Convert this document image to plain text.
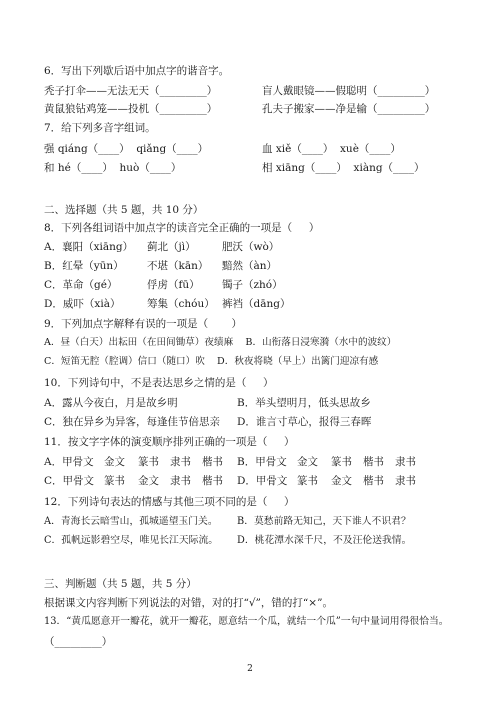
6．写出下列歇后语中加点字的谐音字。
秃子打伞——无法无天（_________）	盲人戴眼镜——假聪明（_________）
黄鼠狼钻鸡笼——投机（_________）	孔夫子搬家——净是输（_________）
7．给下列多音字组词。
强 qiáng（____）  qiǎng（____）	血 xiě（____）  xuè（____）
和 hé（____）  huò（____）	相 xiāng（____）  xiàng（____）
二、选择题（共 5 题，共 10 分）
8．下列各组词语中加点字的读音完全正确的一项是（     ）
A．襄阳（xiāng） 蓟北（jì）	肥沃（wò）
B．红晕（yūn） 不堪（kān） 黯然（àn）
C．革命（gé）	俘虏（fū） 镯子（zhó）
D．威吓（xià）	筹集（chóu） 裤裆（dāng）
9．下列加点字解释有误的一项是（       ）
A．昼（白天）出耘田（在田间锄草）夜绩麻    B．山衔落日浸寒漪（水中的波纹）
C．短笛无腔（腔调）信口（随口）吹    D．秋夜将晓（早上）出篱门迎凉有感
10．下列诗句中，不是表达思乡之情的是（     ）
A．露从今夜白，月是故乡明	B．举头望明月，低头思故乡
C．独在异乡为异客，每逢佳节倍思亲 D．谁言寸草心，报得三春晖
11．按文字字体的演变顺序排列正确的一项是（     ）
A．甲骨文 金文 篆书 隶书 楷书 B．甲骨文 金文 篆书 楷书 隶书
C．甲骨文 篆书 金文 隶书 楷书 D．甲骨文 篆书 金文 楷书 隶书
12．下列诗句表达的情感与其他三项不同的是（     ）
A．青海长云暗雪山，孤城遥望玉门关。 B．莫愁前路无知己，天下谁人不识君？
C．孤帆远影碧空尽，唯见长江天际流。 D．桃花潭水深千尺，不及汪伦送我情。
三、判断题（共 5 题，共 5 分）
根据课文内容判断下列说法的对错，对的打“√”，错的打“×”。
13．“黄瓜愿意开一瓣花，就开一瓣花，愿意结一个瓜，就结一个瓜”一句中量词用得很恰当。
（_________）
2
